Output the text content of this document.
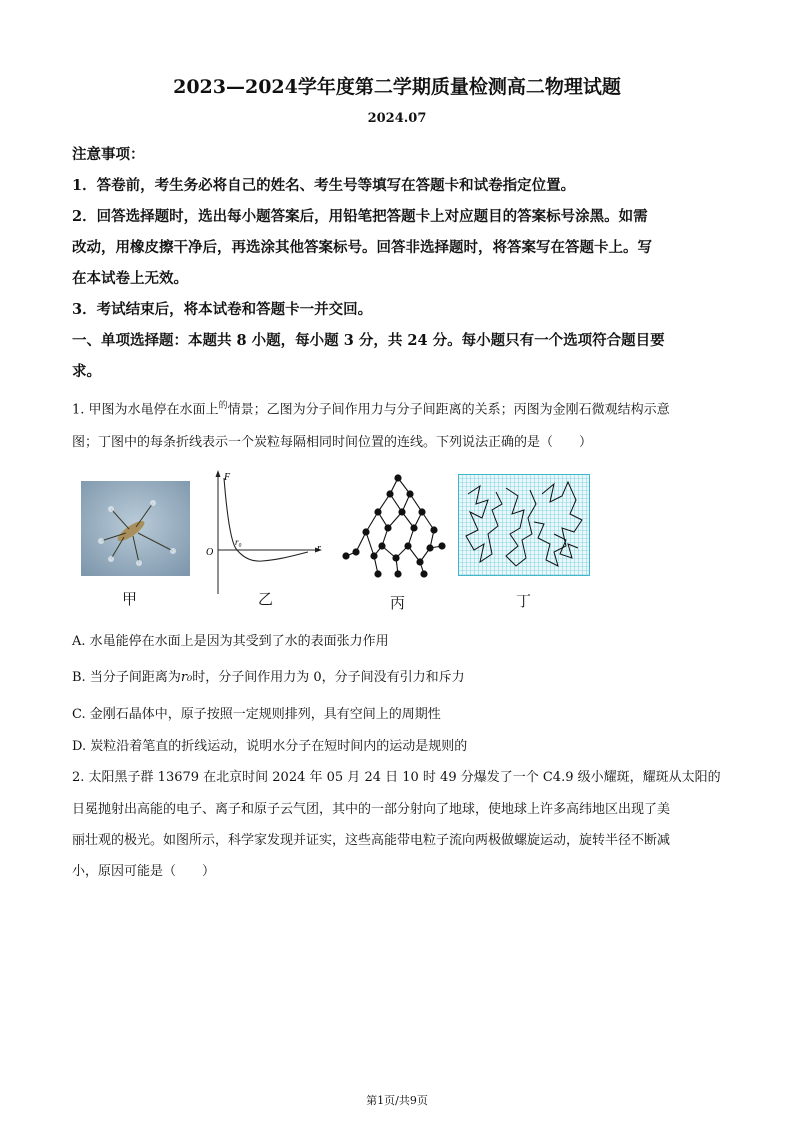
2023—2024学年度第二学期质量检测高二物理试题
2024.07
注意事项：
1．答卷前，考生务必将自己的姓名、考生号等填写在答题卡和试卷指定位置。
2．回答选择题时，选出每小题答案后，用铅笔把答题卡上对应题目的答案标号涂黑。如需
改动，用橡皮擦干净后，再选涂其他答案标号。回答非选择题时，将答案写在答题卡上。写
在本试卷上无效。
3．考试结束后，将本试卷和答题卡一并交回。
一、单项选择题：本题共 8 小题，每小题 3 分，共 24 分。每小题只有一个选项符合题目要
求。
1. 甲图为水黾停在水面上$^的$情景；乙图为分子间作用力与分子间距离的关系；丙图为金刚石微观结构示意
图；丁图中的每条折线表示一个炭粒每隔相同时间位置的连线。下列说法正确的是（　　）
F
r
O
r₀
甲	乙	丙	丁
A. 水黾能停在水面上是因为其受到了水的表面张力作用
B. 当分子间距离为r₀时，分子间作用力为 0，分子间没有引力和斥力
C. 金刚石晶体中，原子按照一定规则排列，具有空间上的周期性
D. 炭粒沿着笔直的折线运动，说明水分子在短时间内的运动是规则的
2. 太阳黑子群 13679 在北京时间 2024 年 05 月 24 日 10 时 49 分爆发了一个 C4.9 级小耀斑，耀斑从太阳的
日冕抛射出高能的电子、离子和原子云气团，其中的一部分射向了地球，使地球上许多高纬地区出现了美
丽壮观的极光。如图所示，科学家发现并证实，这些高能带电粒子流向两极做螺旋运动，旋转半径不断减
小，原因可能是（　　）
第1页/共9页
